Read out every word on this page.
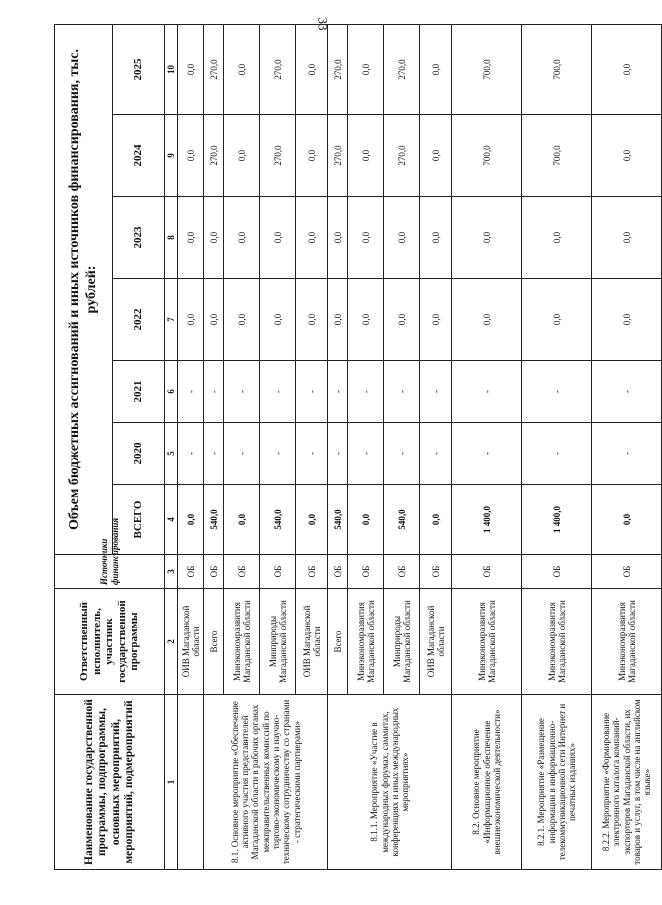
33
Наименование государственной программы, подпрограммы, основных мероприятий, мероприятий, подмероприятий	Ответственный исполнитель, участник государственной программы	Источники финансирования	Объем бюджетных ассигнований и иных источников финансирования, тыс. рублей:						
			ВСЕГО	2020	2021	2022	2023	2024	2025
1	2	3	4	5	6	7	8	9	10
	ОИВ Магаданской области	ОБ	0,0	-	-	0,0	0,0	0,0	0,0
8.1. Основное мероприятие «Обеспечение активного участия представителей Магаданской области в рабочих органах межправительственных комиссий по торгово-экономическому и научно-техническому сотрудничеству со странами - стратегическими партнерами»	Всего	ОБ	540,0	-	-	0,0	0,0	270,0	270,0
	Минэкономразвития Магаданской области	ОБ	0,0	-	-	0,0	0,0	0,0	0,0
	Минприроды Магаданской области	ОБ	540,0	-	-	0,0	0,0	270,0	270,0
	ОИВ Магаданской области	ОБ	0,0	-	-	0,0	0,0	0,0	0,0
8.1.1. Мероприятие «Участие в международных форумах, саммитах, конференциях и иных международных мероприятиях»	Всего	ОБ	540,0	-	-	0,0	0,0	270,0	270,0
	Минэкономразвития Магаданской области	ОБ	0,0	-	-	0,0	0,0	0,0	0,0
	Минприроды Магаданской области	ОБ	540,0	-	-	0,0	0,0	270,0	270,0
	ОИВ Магаданской области	ОБ	0,0	-	-	0,0	0,0	0,0	0,0
8.2. Основное мероприятие «Информационное обеспечение внешнеэкономической деятельности»	Минэкономразвития Магаданской области	ОБ	1 400,0	-	-	0,0	0,0	700,0	700,0
8.2.1. Мероприятие «Размещение информации в информационно-телекоммуникационной сети Интернет и печатных изданиях»	Минэкономразвития Магаданской области	ОБ	1 400,0	-	-	0,0	0,0	700,0	700,0
8.2.2. Мероприятие «Формирование электронного каталога компаний-экспортеров Магаданской области, их товаров и услуг, в том числе на английском языке»	Минэкономразвития Магаданской области	ОБ	0,0	-	-	0,0	0,0	0,0	0,0
